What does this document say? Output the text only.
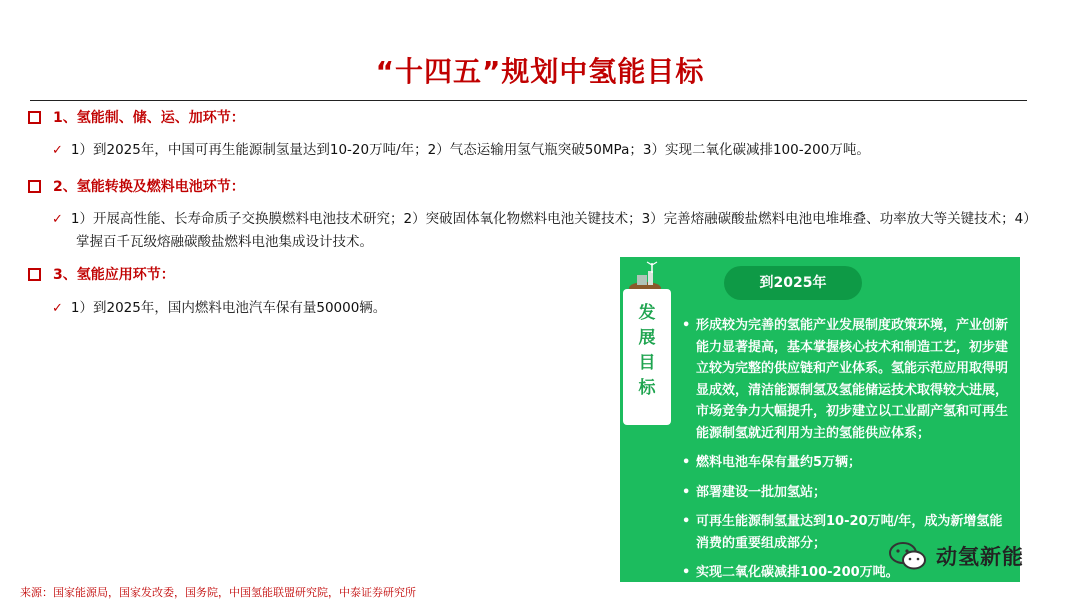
“十四五”规划中氢能目标
1、氢能制、储、运、加环节：
✓ 1）到2025年，中国可再生能源制氢量达到10-20万吨/年；2）气态运输用氢气瓶突破50MPa；3）实现二氧化碳减排100-200万吨。
2、氢能转换及燃料电池环节：
✓ 1）开展高性能、长寿命质子交换膜燃料电池技术研究；2）突破固体氧化物燃料电池关键技术；3）完善熔融碳酸盐燃料电池电堆堆叠、功率放大等关键技术；4）掌握百千瓦级熔融碳酸盐燃料电池集成设计技术。
3、氢能应用环节：
✓ 1）到2025年，国内燃料电池汽车保有量50000辆。	发展目标
到2025年
• 形成较为完善的氢能产业发展制度政策环境，产业创新能力显著提高，基本掌握核心技术和制造工艺，初步建立较为完整的供应链和产业体系。氢能示范应用取得明显成效，清洁能源制氢及氢能储运技术取得较大进展，市场竞争力大幅提升，初步建立以工业副产氢和可再生能源制氢就近利用为主的氢能供应体系；
• 燃料电池车保有量约5万辆；
• 部署建设一批加氢站；
• 可再生能源制氢量达到10-20万吨/年，成为新增氢能消费的重要组成部分；
• 实现二氧化碳减排100-200万吨。
动氢新能
来源：国家能源局，国家发改委，国务院，中国氢能联盟研究院，中泰证券研究所
